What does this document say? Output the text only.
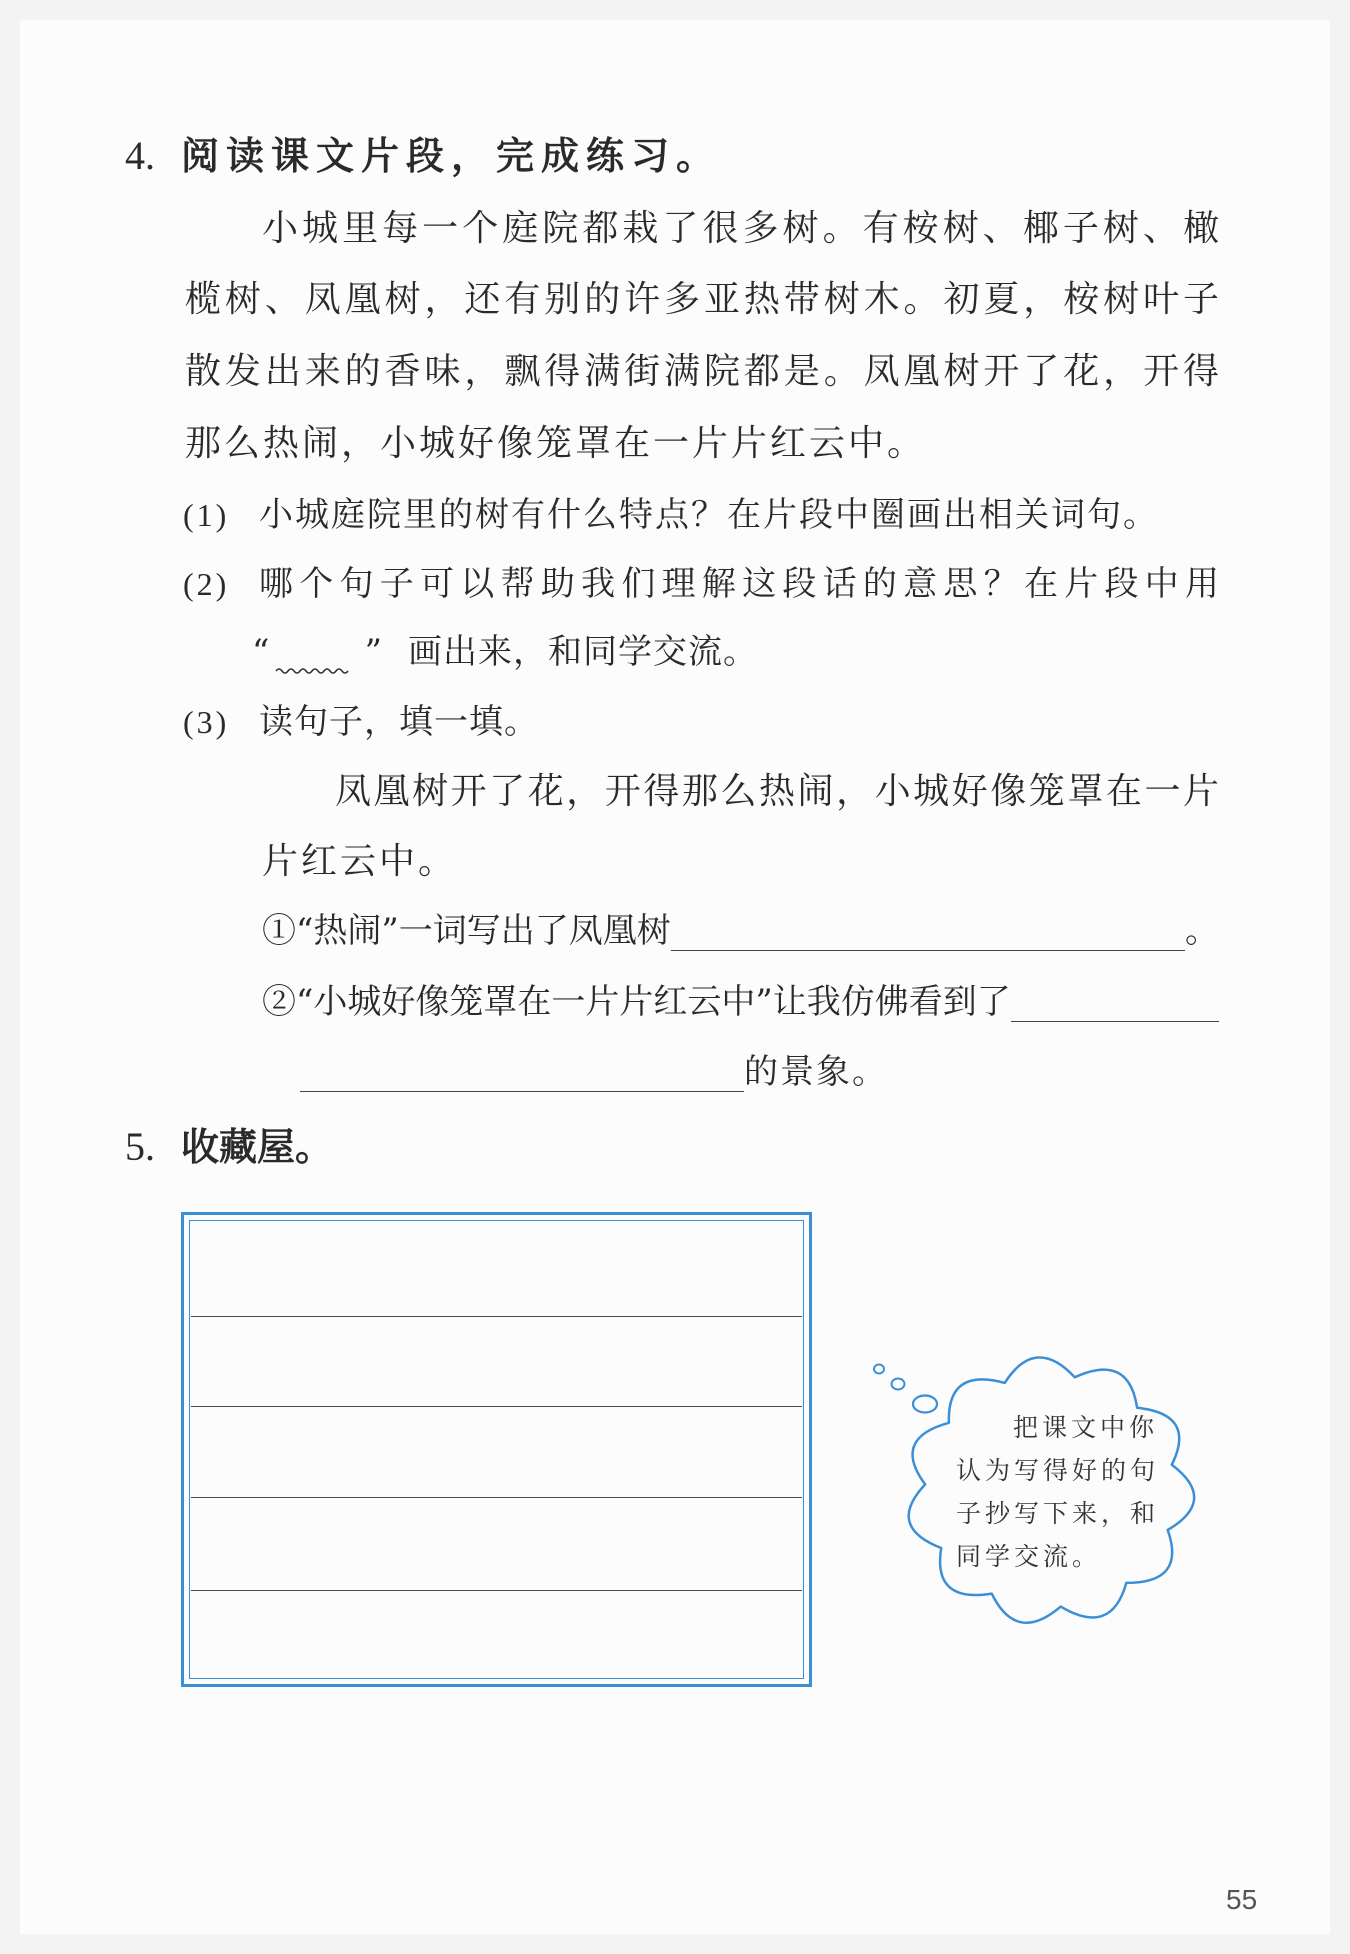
4. 阅读课文片段，完成练习。
小城里每一个庭院都栽了很多树。有桉树、椰子树、橄
榄树、凤凰树，还有别的许多亚热带树木。初夏，桉树叶子
散发出来的香味，飘得满街满院都是。凤凰树开了花，开得
那么热闹，小城好像笼罩在一片片红云中。
(1) 小城庭院里的树有什么特点？在片段中圈画出相关词句。
(2) 哪个句子可以帮助我们理解这段话的意思？在片段中用
“	” 画出来，和同学交流。
(3) 读句子，填一填。
凤凰树开了花，开得那么热闹，小城好像笼罩在一片
片红云中。
①“热闹”一词写出了凤凰树	。
②“小城好像笼罩在一片片红云中”让我仿佛看到了
的景象。
5. 收藏屋。
把课文中你
认为写得好的句
子抄写下来，和
同学交流。
55
